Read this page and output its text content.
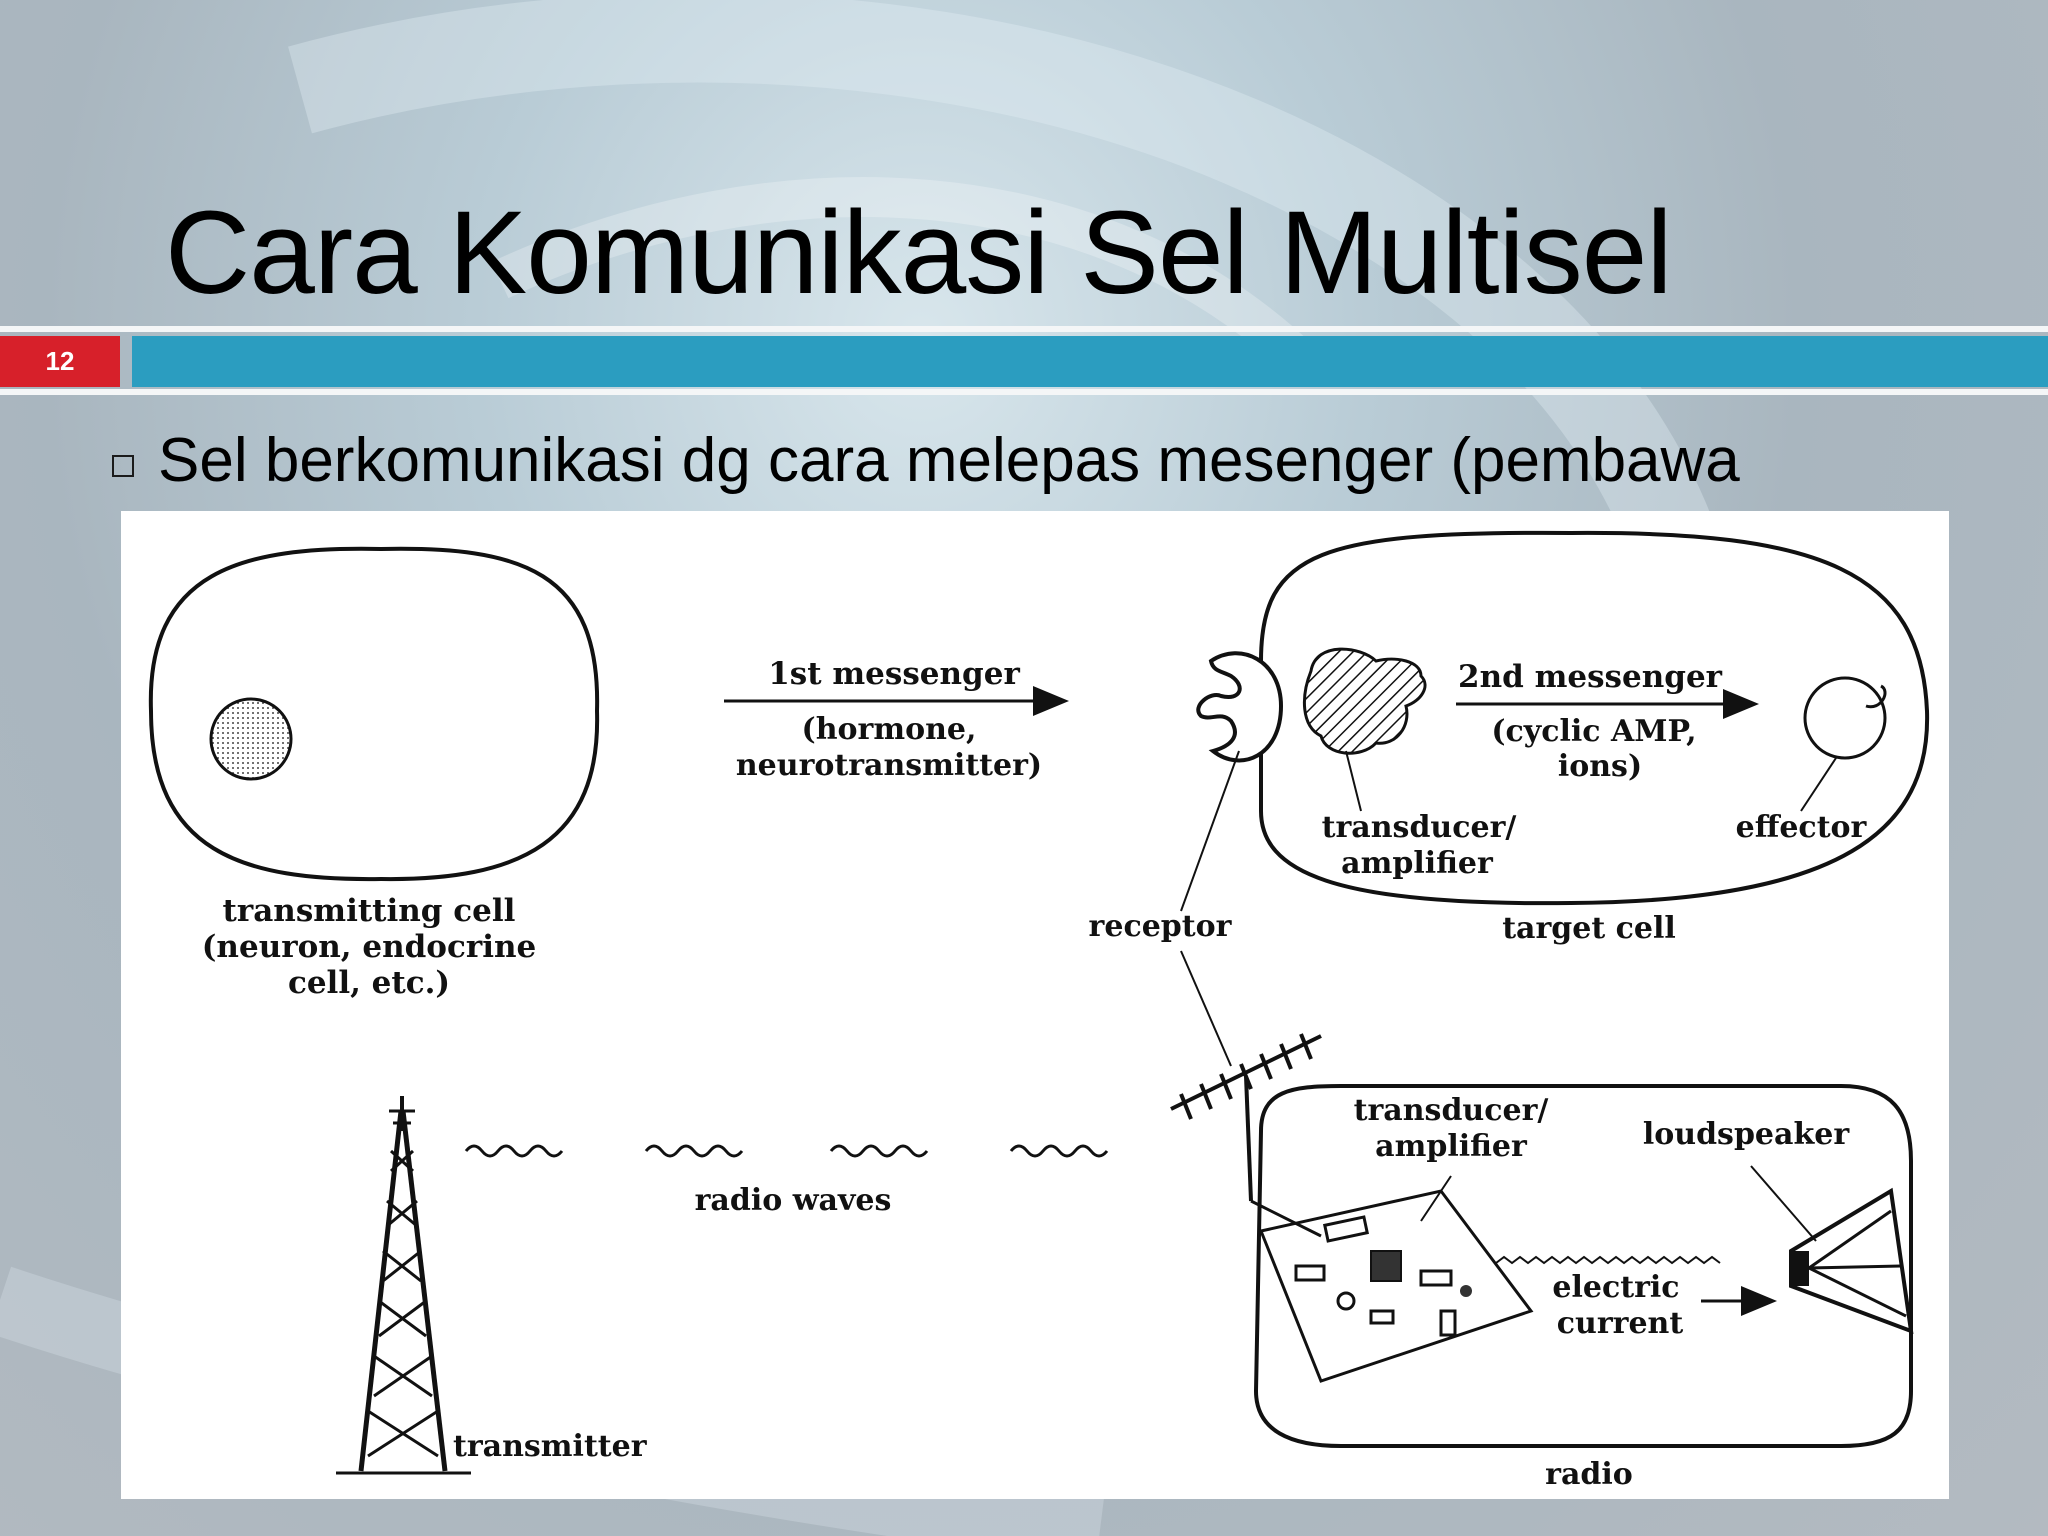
Cara Komunikasi Sel Multisel
12
Sel berkomunikasi dg cara melepas mesenger (pembawa
transmitting cell
(neuron, endocrine
cell, etc.)
1st messenger
(hormone,
neurotransmitter)
2nd messenger
(cyclic AMP,
ions)
transducer/
amplifier
effector
target cell
receptor
transducer/
amplifier	loudspeaker
electric
current
radio
radio waves
transmitter
